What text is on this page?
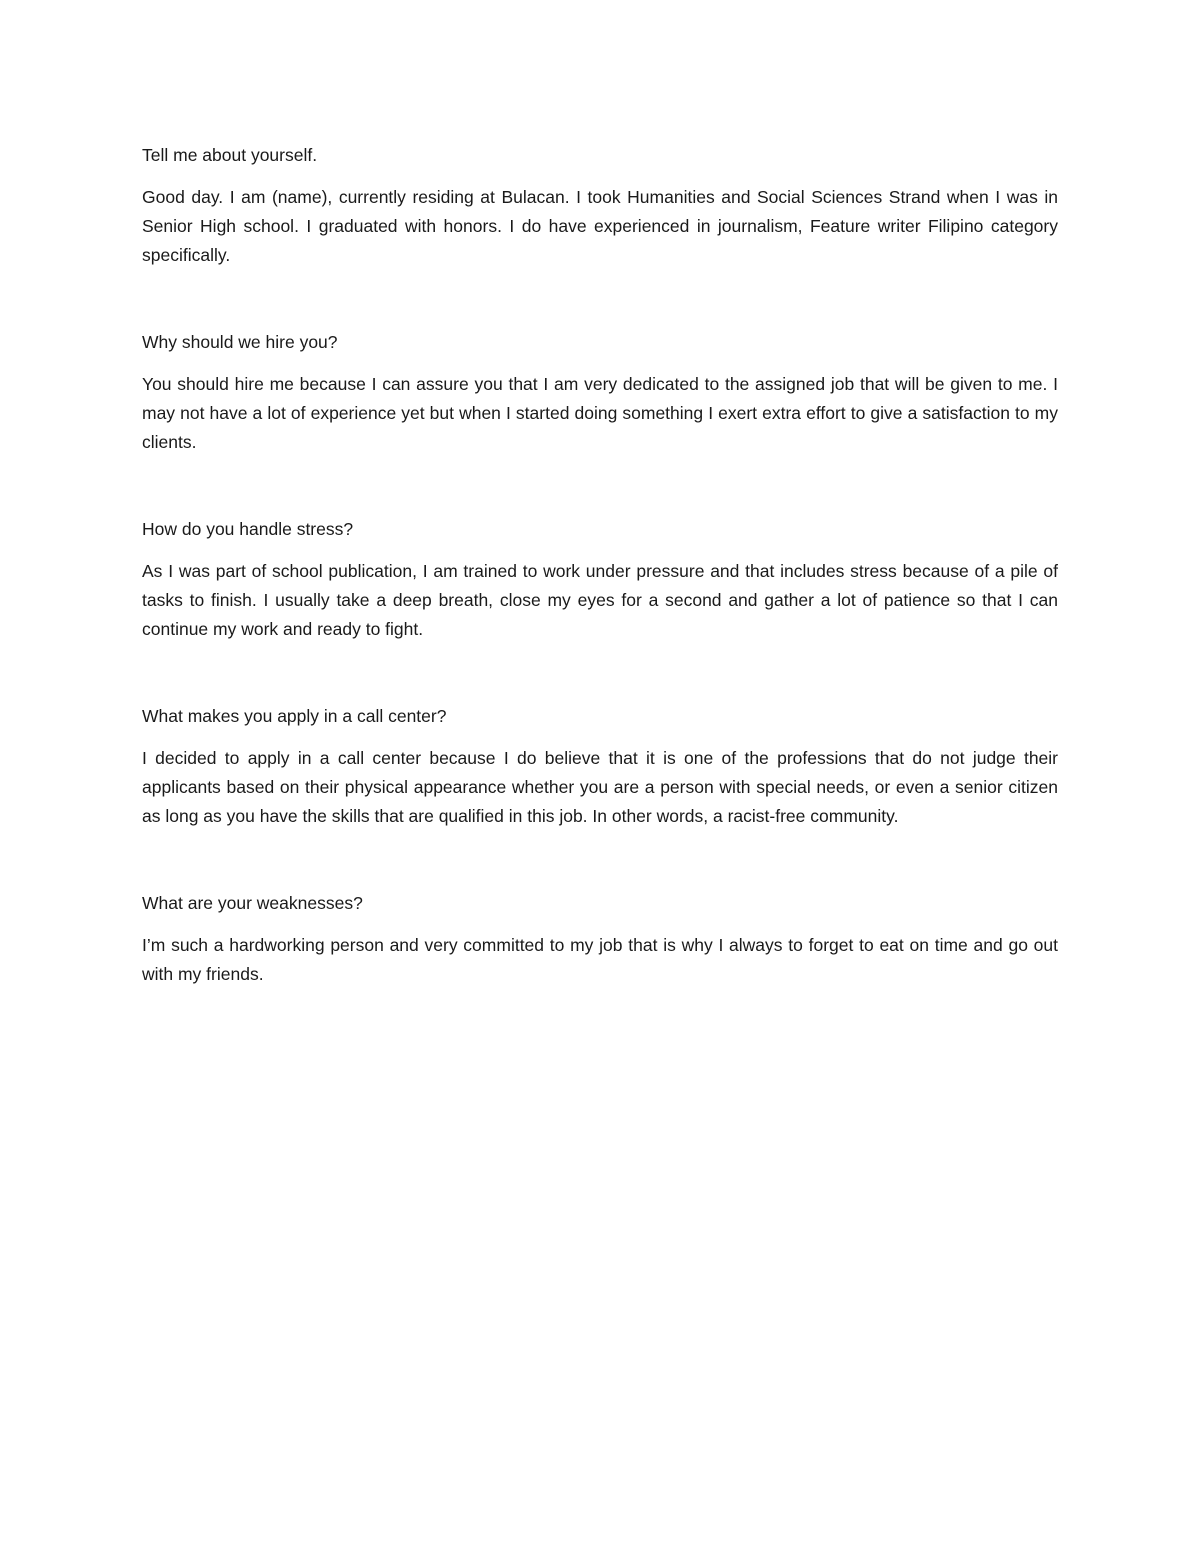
Tell me about yourself.

Good day. I am (name), currently residing at Bulacan. I took Humanities and Social Sciences Strand when I was in Senior High school. I graduated with honors. I do have experienced in journalism, Feature writer Filipino category specifically.

Why should we hire you?

You should hire me because I can assure you that I am very dedicated to the assigned job that will be given to me. I may not have a lot of experience yet but when I started doing something I exert extra effort to give a satisfaction to my clients.

How do you handle stress?

As I was part of school publication, I am trained to work under pressure and that includes stress because of a pile of tasks to finish. I usually take a deep breath, close my eyes for a second and gather a lot of patience so that I can continue my work and ready to fight.

What makes you apply in a call center?

I decided to apply in a call center because I do believe that it is one of the professions that do not judge their applicants based on their physical appearance whether you are a person with special needs, or even a senior citizen as long as you have the skills that are qualified in this job. In other words, a racist-free community.

What are your weaknesses?

I’m such a hardworking person and very committed to my job that is why I always to forget to eat on time and go out with my friends.
